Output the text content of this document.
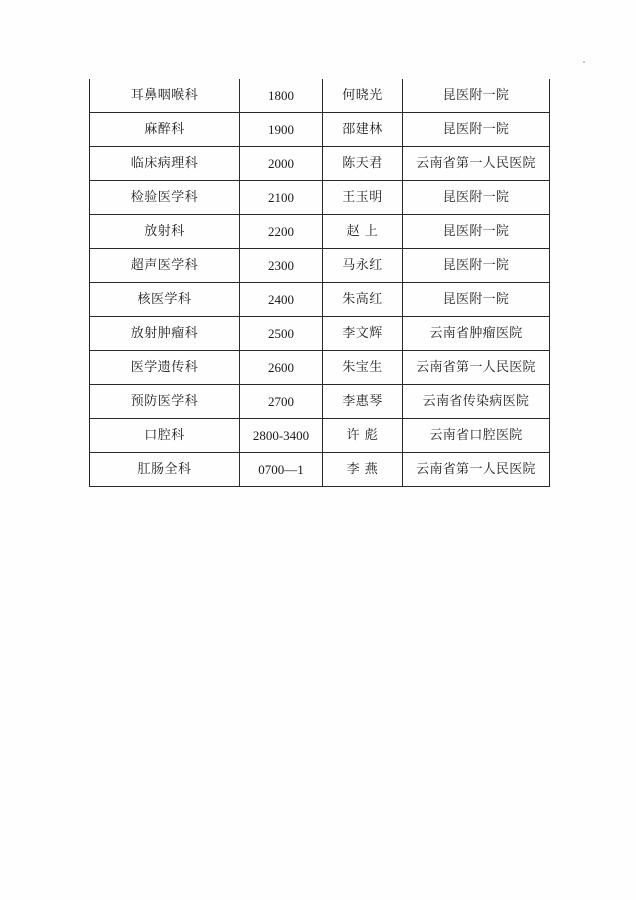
耳鼻咽喉科	1800	何晓光	昆医附一院
麻醉科	1900	邵建林	昆医附一院
临床病理科	2000	陈天君	云南省第一人民医院
检验医学科	2100	王玉明	昆医附一院
放射科	2200	赵 上	昆医附一院
超声医学科	2300	马永红	昆医附一院
核医学科	2400	朱高红	昆医附一院
放射肿瘤科	2500	李文辉	云南省肿瘤医院
医学遗传科	2600	朱宝生	云南省第一人民医院
预防医学科	2700	李惠琴	云南省传染病医院
口腔科	2800-3400	许 彪	云南省口腔医院
肛肠全科	0700—1	李 燕	云南省第一人民医院
